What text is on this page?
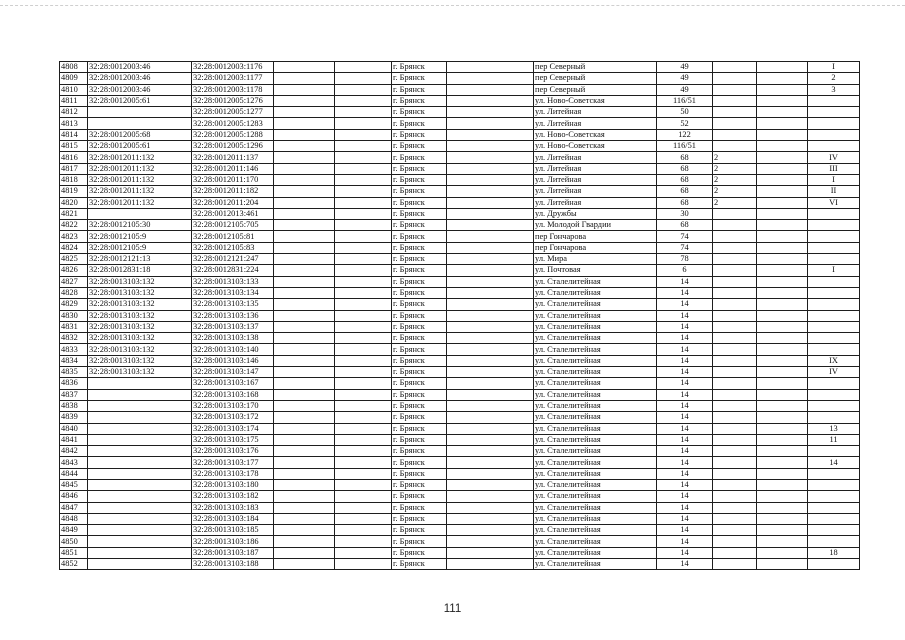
4808	32:28:0012003:46	32:28:0012003:1176			г. Брянск		пер Северный	49			I
4809	32:28:0012003:46	32:28:0012003:1177			г. Брянск		пер Северный	49			2
4810	32:28:0012003:46	32:28:0012003:1178			г. Брянск		пер Северный	49			3
4811	32:28:0012005:61	32:28:0012005:1276			г. Брянск		ул. Ново-Советская	116/51			
4812		32:28:0012005:1277			г. Брянск		ул. Литейная	50			
4813		32:28:0012005:1283			г. Брянск		ул. Литейная	52			
4814	32:28:0012005:68	32:28:0012005:1288			г. Брянск		ул. Ново-Советская	122			
4815	32:28:0012005:61	32:28:0012005:1296			г. Брянск		ул. Ново-Советская	116/51			
4816	32:28:0012011:132	32:28:0012011:137			г. Брянск		ул. Литейная	68	2		IV
4817	32:28:0012011:132	32:28:0012011:146			г. Брянск		ул. Литейная	68	2		III
4818	32:28:0012011:132	32:28:0012011:170			г. Брянск		ул. Литейная	68	2		I
4819	32:28:0012011:132	32:28:0012011:182			г. Брянск		ул. Литейная	68	2		II
4820	32:28:0012011:132	32:28:0012011:204			г. Брянск		ул. Литейная	68	2		VI
4821		32:28:0012013:461			г. Брянск		ул. Дружбы	30			
4822	32:28:0012105:30	32:28:0012105:705			г. Брянск		ул. Молодой Гвардии	68			
4823	32:28:0012105:9	32:28:0012105:81			г. Брянск		пер Гончарова	74			
4824	32:28:0012105:9	32:28:0012105:83			г. Брянск		пер Гончарова	74			
4825	32:28:0012121:13	32:28:0012121:247			г. Брянск		ул. Мира	78			
4826	32:28:0012831:18	32:28:0012831:224			г. Брянск		ул. Почтовая	6			I
4827	32:28:0013103:132	32:28:0013103:133			г. Брянск		ул. Сталелитейная	14			
4828	32:28:0013103:132	32:28:0013103:134			г. Брянск		ул. Сталелитейная	14			
4829	32:28:0013103:132	32:28:0013103:135			г. Брянск		ул. Сталелитейная	14			
4830	32:28:0013103:132	32:28:0013103:136			г. Брянск		ул. Сталелитейная	14			
4831	32:28:0013103:132	32:28:0013103:137			г. Брянск		ул. Сталелитейная	14			
4832	32:28:0013103:132	32:28:0013103:138			г. Брянск		ул. Сталелитейная	14			
4833	32:28:0013103:132	32:28:0013103:140			г. Брянск		ул. Сталелитейная	14			
4834	32:28:0013103:132	32:28:0013103:146			г. Брянск		ул. Сталелитейная	14			IX
4835	32:28:0013103:132	32:28:0013103:147			г. Брянск		ул. Сталелитейная	14			IV
4836		32:28:0013103:167			г. Брянск		ул. Сталелитейная	14			
4837		32:28:0013103:168			г. Брянск		ул. Сталелитейная	14			
4838		32:28:0013103:170			г. Брянск		ул. Сталелитейная	14			
4839		32:28:0013103:172			г. Брянск		ул. Сталелитейная	14			
4840		32:28:0013103:174			г. Брянск		ул. Сталелитейная	14			13
4841		32:28:0013103:175			г. Брянск		ул. Сталелитейная	14			11
4842		32:28:0013103:176			г. Брянск		ул. Сталелитейная	14			
4843		32:28:0013103:177			г. Брянск		ул. Сталелитейная	14			14
4844		32:28:0013103:178			г. Брянск		ул. Сталелитейная	14			
4845		32:28:0013103:180			г. Брянск		ул. Сталелитейная	14			
4846		32:28:0013103:182			г. Брянск		ул. Сталелитейная	14			
4847		32:28:0013103:183			г. Брянск		ул. Сталелитейная	14			
4848		32:28:0013103:184			г. Брянск		ул. Сталелитейная	14			
4849		32:28:0013103:185			г. Брянск		ул. Сталелитейная	14			
4850		32:28:0013103:186			г. Брянск		ул. Сталелитейная	14			
4851		32:28:0013103:187			г. Брянск		ул. Сталелитейная	14			18
4852		32:28:0013103:188			г. Брянск		ул. Сталелитейная	14			
111
